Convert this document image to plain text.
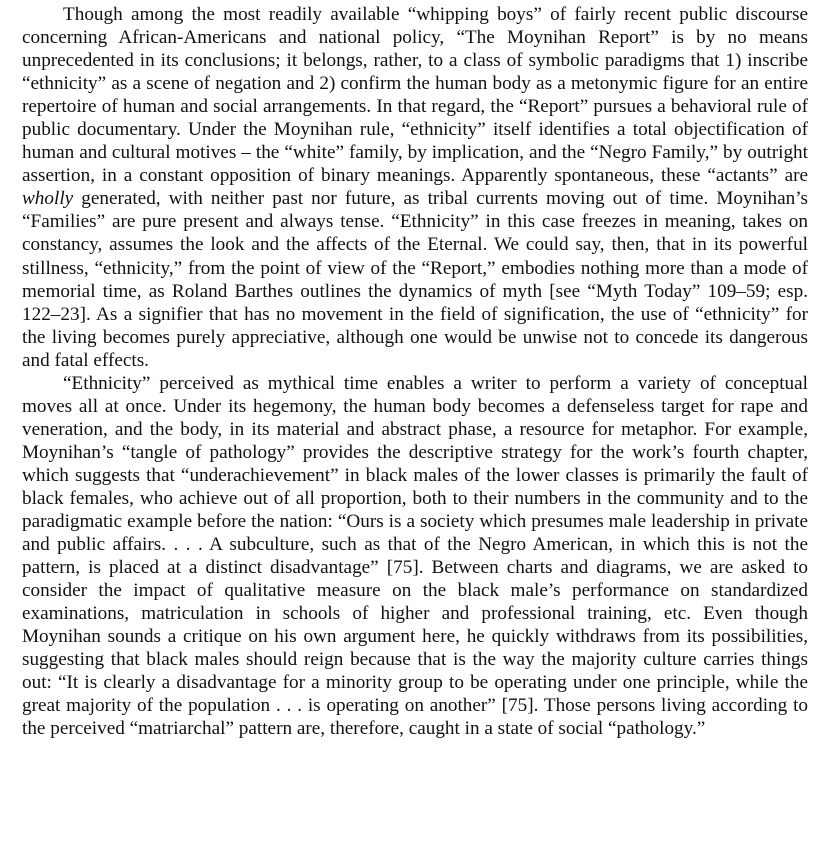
Though among the most readily available “whipping boys” of fairly recent public discourse concerning African-Americans and national policy, “The Moynihan Report” is by no means unprecedented in its conclusions; it belongs, rather, to a class of symbolic paradigms that 1) inscribe “ethnicity” as a scene of negation and 2) confirm the human body as a metonymic figure for an entire repertoire of human and social arrangements. In that regard, the “Report” pursues a behavioral rule of public documentary. Under the Moynihan rule, “ethnicity” itself identifies a total objectification of human and cultural motives – the “white” family, by implication, and the “Negro Family,” by outright assertion, in a constant opposition of binary meanings. Apparently spontaneous, these “actants” are wholly generated, with neither past nor future, as tribal currents moving out of time. Moynihan’s “Families” are pure present and always tense. “Ethnicity” in this case freezes in meaning, takes on constancy, assumes the look and the affects of the Eternal. We could say, then, that in its powerful stillness, “ethnicity,” from the point of view of the “Report,” embodies nothing more than a mode of memorial time, as Roland Barthes outlines the dynamics of myth [see “Myth Today” 109–59; esp. 122–23]. As a signifier that has no movement in the field of signification, the use of “ethnicity” for the living becomes purely appreciative, although one would be unwise not to concede its dangerous and fatal effects.

“Ethnicity” perceived as mythical time enables a writer to perform a variety of conceptual moves all at once. Under its hegemony, the human body becomes a defenseless target for rape and veneration, and the body, in its material and abstract phase, a resource for metaphor. For example, Moynihan’s “tangle of pathology” provides the descriptive strategy for the work’s fourth chapter, which suggests that “underachievement” in black males of the lower classes is primarily the fault of black females, who achieve out of all proportion, both to their numbers in the community and to the paradigmatic example before the nation: “Ours is a society which presumes male leadership in private and public affairs. . . . A subculture, such as that of the Negro American, in which this is not the pattern, is placed at a distinct disadvantage” [75]. Between charts and diagrams, we are asked to consider the impact of qualitative measure on the black male’s performance on standardized examinations, matriculation in schools of higher and professional training, etc. Even though Moynihan sounds a critique on his own argument here, he quickly withdraws from its possibilities, suggesting that black males should reign because that is the way the majority culture carries things out: “It is clearly a disadvantage for a minority group to be operating under one principle, while the great majority of the population . . . is operating on another” [75]. Those persons living according to the perceived “matriarchal” pattern are, therefore, caught in a state of social “pathology.”
